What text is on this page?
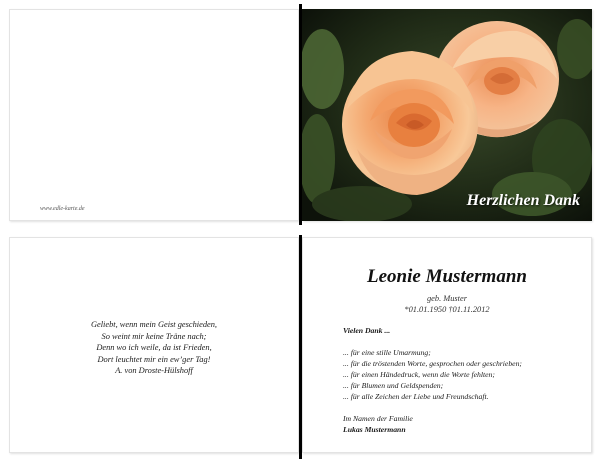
www.edle-karte.de	Herzlichen Dank
Geliebt, wenn mein Geist geschieden,
So weint mir keine Träne nach;
Denn wo ich weile, da ist Frieden,
Dort leuchtet mir ein ew’ger Tag!
A. von Droste-Hülshoff
Leonie Mustermann
geb. Muster
*01.01.1950 †01.11.2012
Vielen Dank ...
... für eine stille Umarmung;
... für die tröstenden Worte, gesprochen oder geschrieben;
... für einen Händedruck, wenn die Worte fehlten;
... für Blumen und Geldspenden;
... für alle Zeichen der Liebe und Freundschaft.
Im Namen der Familie
Lukas Mustermann
